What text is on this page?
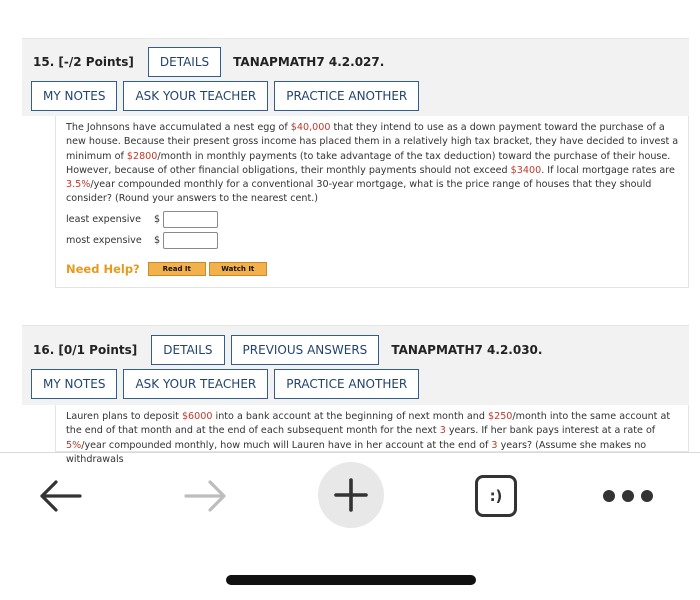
15. [-/2 Points]	DETAILS	TANAPMATH7 4.2.027.
MY NOTES	ASK YOUR TEACHER	PRACTICE ANOTHER

The Johnsons have accumulated a nest egg of $40,000 that they intend to use as a down payment toward the purchase of a new house. Because their present gross income has placed them in a relatively high tax bracket, they have decided to invest a minimum of $2800/month in monthly payments (to take advantage of the tax deduction) toward the purchase of their house. However, because of other financial obligations, their monthly payments should not exceed $3400. If local mortgage rates are 3.5%/year compounded monthly for a conventional 30-year mortgage, what is the price range of houses that they should consider? (Round your answers to the nearest cent.)

least expensive	$
most expensive	$
Need Help?	Read It	Watch It
16. [0/1 Points]	DETAILS	PREVIOUS ANSWERS	TANAPMATH7 4.2.030.
MY NOTES	ASK YOUR TEACHER	PRACTICE ANOTHER

Lauren plans to deposit $6000 into a bank account at the beginning of next month and $250/month into the same account at the end of that month and at the end of each subsequent month for the next 3 years. If her bank pays interest at a rate of 5%/year compounded monthly, how much will Lauren have in her account at the end of 3 years? (Assume she makes no withdrawals

:)
